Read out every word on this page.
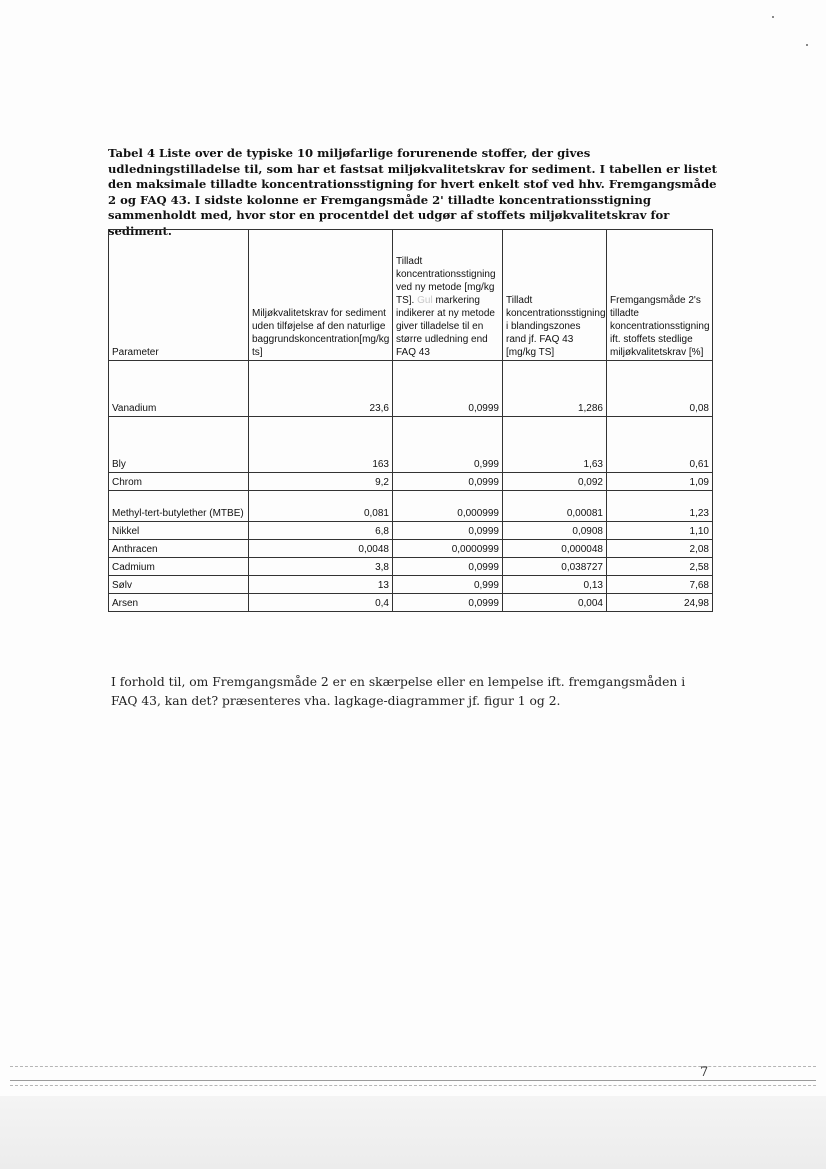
Tabel 4 Liste over de typiske 10 miljøfarlige forurenende stoffer, der gives udledningstilladelse til, som har et fastsat miljøkvalitetskrav for sediment. I tabellen er listet den maksimale tilladte koncentrationsstigning for hvert enkelt stof ved hhv. Fremgangsmåde 2 og FAQ 43. I sidste kolonne er Fremgangsmåde 2' tilladte koncentrationsstigning sammenholdt med, hvor stor en procentdel det udgør af stoffets miljøkvalitetskrav for sediment.
Parameter	Miljøkvalitetskrav for sediment uden tilføjelse af den naturlige baggrundskoncentration[mg/kg ts]	Tilladt koncentrationsstigning ved ny metode [mg/kg TS]. Gul markering indikerer at ny metode giver tilladelse til en større udledning end FAQ 43	Tilladt koncentrationsstigning i blandingszones rand jf. FAQ 43 [mg/kg TS]	Fremgangsmåde 2's tilladte koncentrationsstigning ift. stoffets stedlige miljøkvalitetskrav [%]
Vanadium	23,6	0,0999	1,286	0,08
Bly	163	0,999	1,63	0,61
Chrom	9,2	0,0999	0,092	1,09
Methyl-tert-butylether (MTBE)	0,081	0,000999	0,00081	1,23
Nikkel	6,8	0,0999	0,0908	1,10
Anthracen	0,0048	0,0000999	0,000048	2,08
Cadmium	3,8	0,0999	0,038727	2,58
Sølv	13	0,999	0,13	7,68
Arsen	0,4	0,0999	0,004	24,98
I forhold til, om Fremgangsmåde 2 er en skærpelse eller en lempelse ift. fremgangsmåden i FAQ 43, kan det? præsenteres vha. lagkage-diagrammer jf. figur 1 og 2.
7
